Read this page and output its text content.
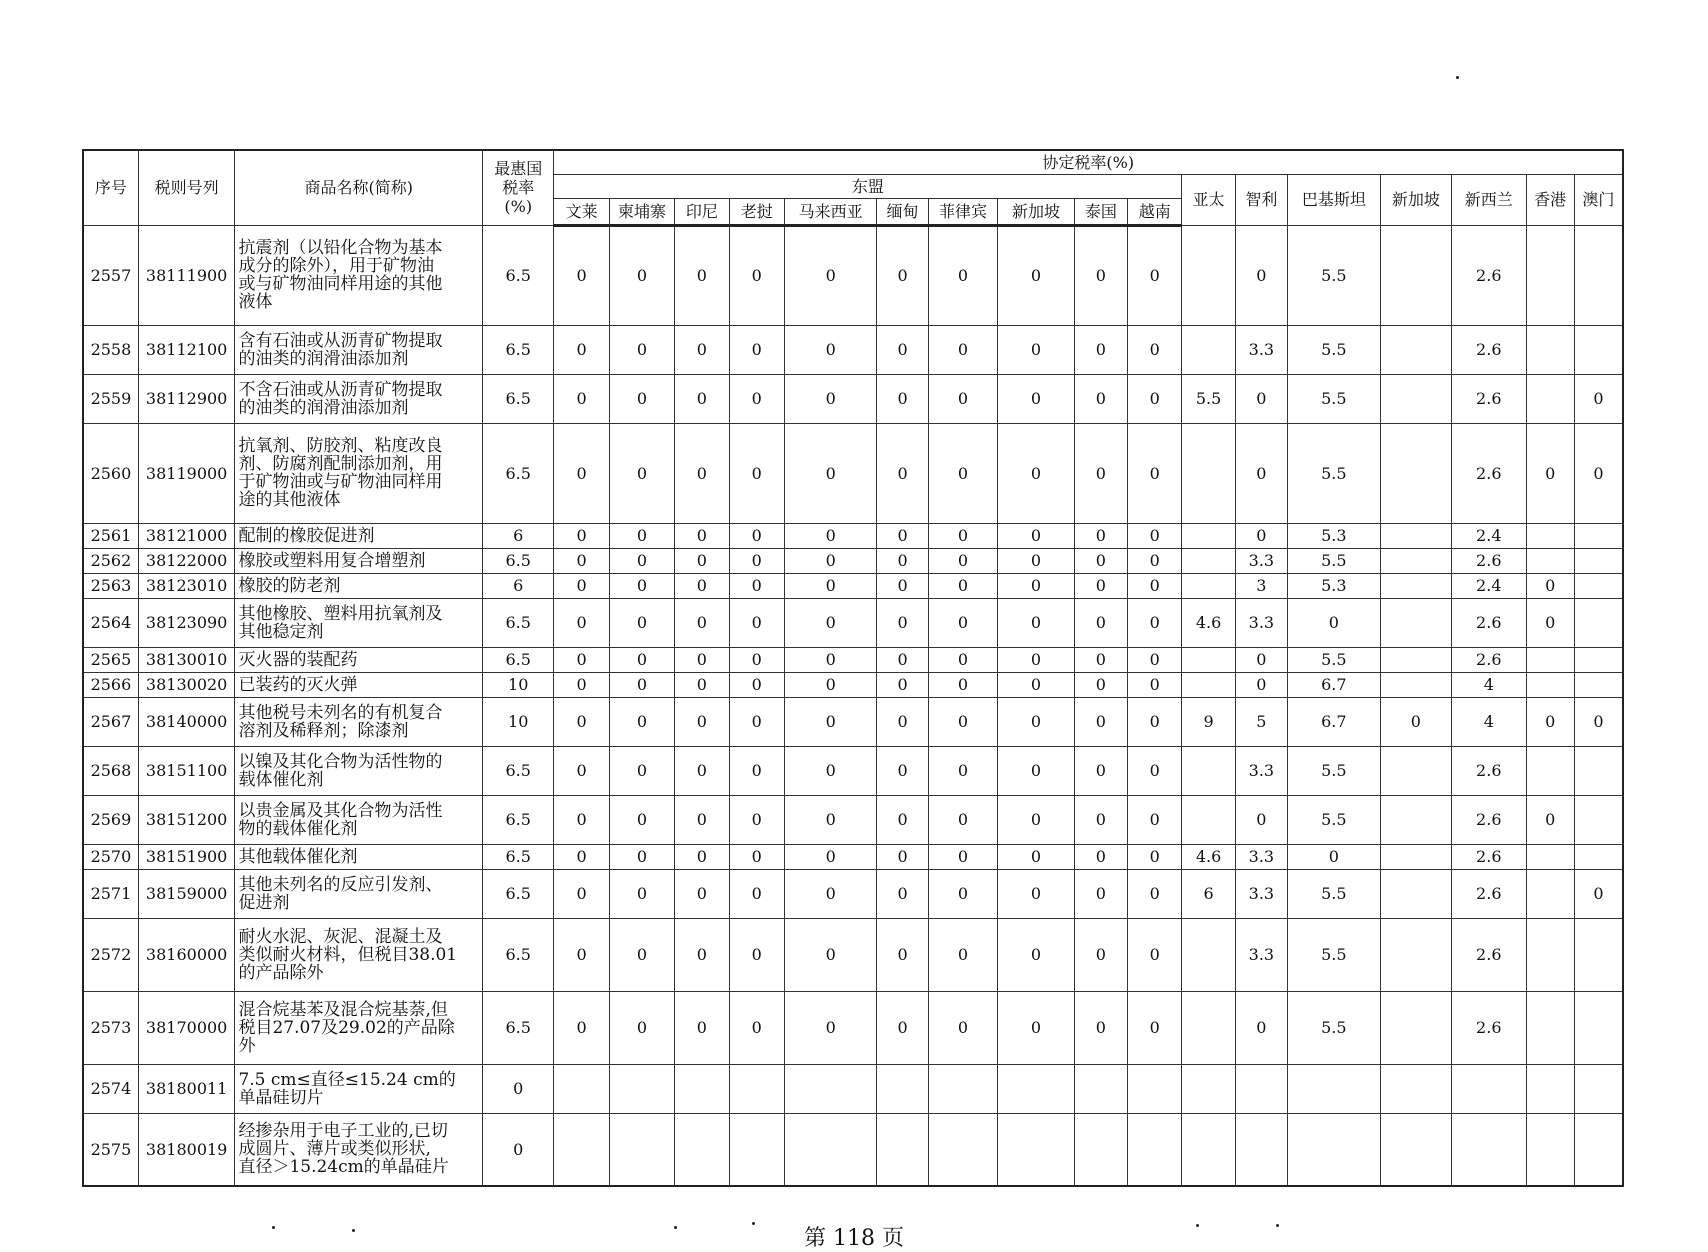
序号	税则号列	商品名称(简称)	最惠国
税率
(%)	协定税率(%)																
				东盟										亚太	智利	巴基斯坦	新加坡	新西兰	香港	澳门
				文莱	柬埔寨	印尼	老挝	马来西亚	缅甸	菲律宾	新加坡	泰国	越南							
2557	38111900	抗震剂（以铅化合物为基本
成分的除外），用于矿物油
或与矿物油同样用途的其他
液体	6.5	0	0	0	0	0	0	0	0	0	0		0	5.5		2.6		
2558	38112100	含有石油或从沥青矿物提取
的油类的润滑油添加剂	6.5	0	0	0	0	0	0	0	0	0	0		3.3	5.5		2.6		
2559	38112900	不含石油或从沥青矿物提取
的油类的润滑油添加剂	6.5	0	0	0	0	0	0	0	0	0	0	5.5	0	5.5		2.6		0
2560	38119000	抗氧剂、防胶剂、粘度改良
剂、防腐剂配制添加剂，用
于矿物油或与矿物油同样用
途的其他液体	6.5	0	0	0	0	0	0	0	0	0	0		0	5.5		2.6	0	0
2561	38121000	配制的橡胶促进剂	6	0	0	0	0	0	0	0	0	0	0		0	5.3		2.4		
2562	38122000	橡胶或塑料用复合增塑剂	6.5	0	0	0	0	0	0	0	0	0	0		3.3	5.5		2.6		
2563	38123010	橡胶的防老剂	6	0	0	0	0	0	0	0	0	0	0		3	5.3		2.4	0	
2564	38123090	其他橡胶、塑料用抗氧剂及
其他稳定剂	6.5	0	0	0	0	0	0	0	0	0	0	4.6	3.3	0		2.6	0	
2565	38130010	灭火器的装配药	6.5	0	0	0	0	0	0	0	0	0	0		0	5.5		2.6		
2566	38130020	已装药的灭火弹	10	0	0	0	0	0	0	0	0	0	0		0	6.7		4		
2567	38140000	其他税号未列名的有机复合
溶剂及稀释剂；除漆剂	10	0	0	0	0	0	0	0	0	0	0	9	5	6.7	0	4	0	0
2568	38151100	以镍及其化合物为活性物的
载体催化剂	6.5	0	0	0	0	0	0	0	0	0	0		3.3	5.5		2.6		
2569	38151200	以贵金属及其化合物为活性
物的载体催化剂	6.5	0	0	0	0	0	0	0	0	0	0		0	5.5		2.6	0	
2570	38151900	其他载体催化剂	6.5	0	0	0	0	0	0	0	0	0	0	4.6	3.3	0		2.6		
2571	38159000	其他未列名的反应引发剂、
促进剂	6.5	0	0	0	0	0	0	0	0	0	0	6	3.3	5.5		2.6		0
2572	38160000	耐火水泥、灰泥、混凝土及
类似耐火材料，但税目38.01
的产品除外	6.5	0	0	0	0	0	0	0	0	0	0		3.3	5.5		2.6		
2573	38170000	混合烷基苯及混合烷基萘,但
税目27.07及29.02的产品除
外	6.5	0	0	0	0	0	0	0	0	0	0		0	5.5		2.6		
2574	38180011	7.5 cm≤直径≤15.24 cm的
单晶硅切片	0																	
2575	38180019	经掺杂用于电子工业的,已切
成圆片、薄片或类似形状,
直径＞15.24cm的单晶硅片	0																	
第 118 页
